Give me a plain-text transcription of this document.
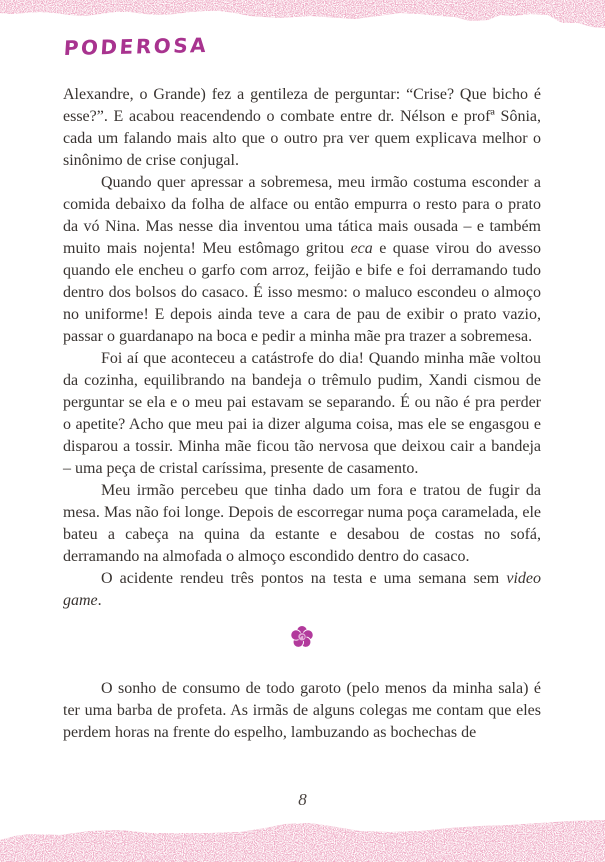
PODEROSA

Alexandre, o Grande) fez a gentileza de perguntar: “Crise? Que bicho é esse?”. E acabou reacendendo o combate entre dr. Nélson e profª Sônia, cada um falando mais alto que o outro pra ver quem explicava melhor o sinônimo de crise conjugal.

Quando quer apressar a sobremesa, meu irmão costuma esconder a comida debaixo da folha de alface ou então empurra o resto para o prato da vó Nina. Mas nesse dia inventou uma tática mais ousada – e também muito mais nojenta! Meu estômago gritou eca e quase virou do avesso quando ele encheu o garfo com arroz, feijão e bife e foi derramando tudo dentro dos bolsos do casaco. É isso mesmo: o maluco escondeu o almoço no uniforme! E depois ainda teve a cara de pau de exibir o prato vazio, passar o guardanapo na boca e pedir a minha mãe pra trazer a sobremesa.

Foi aí que aconteceu a catástrofe do dia! Quando minha mãe voltou da cozinha, equilibrando na bandeja o trêmulo pudim, Xandi cismou de perguntar se ela e o meu pai estavam se separando. É ou não é pra perder o apetite? Acho que meu pai ia dizer alguma coisa, mas ele se engasgou e disparou a tossir. Minha mãe ficou tão nervosa que deixou cair a bandeja – uma peça de cristal caríssima, presente de casamento.

Meu irmão percebeu que tinha dado um fora e tratou de fugir da mesa. Mas não foi longe. Depois de escorregar numa poça caramelada, ele bateu a cabeça na quina da estante e desabou de costas no sofá, derramando na almofada o almoço escondido dentro do casaco.

O acidente rendeu três pontos na testa e uma semana sem video game.

O sonho de consumo de todo garoto (pelo menos da minha sala) é ter uma barba de profeta. As irmãs de alguns colegas me contam que eles perdem horas na frente do espelho, lambuzando as bochechas de

8
